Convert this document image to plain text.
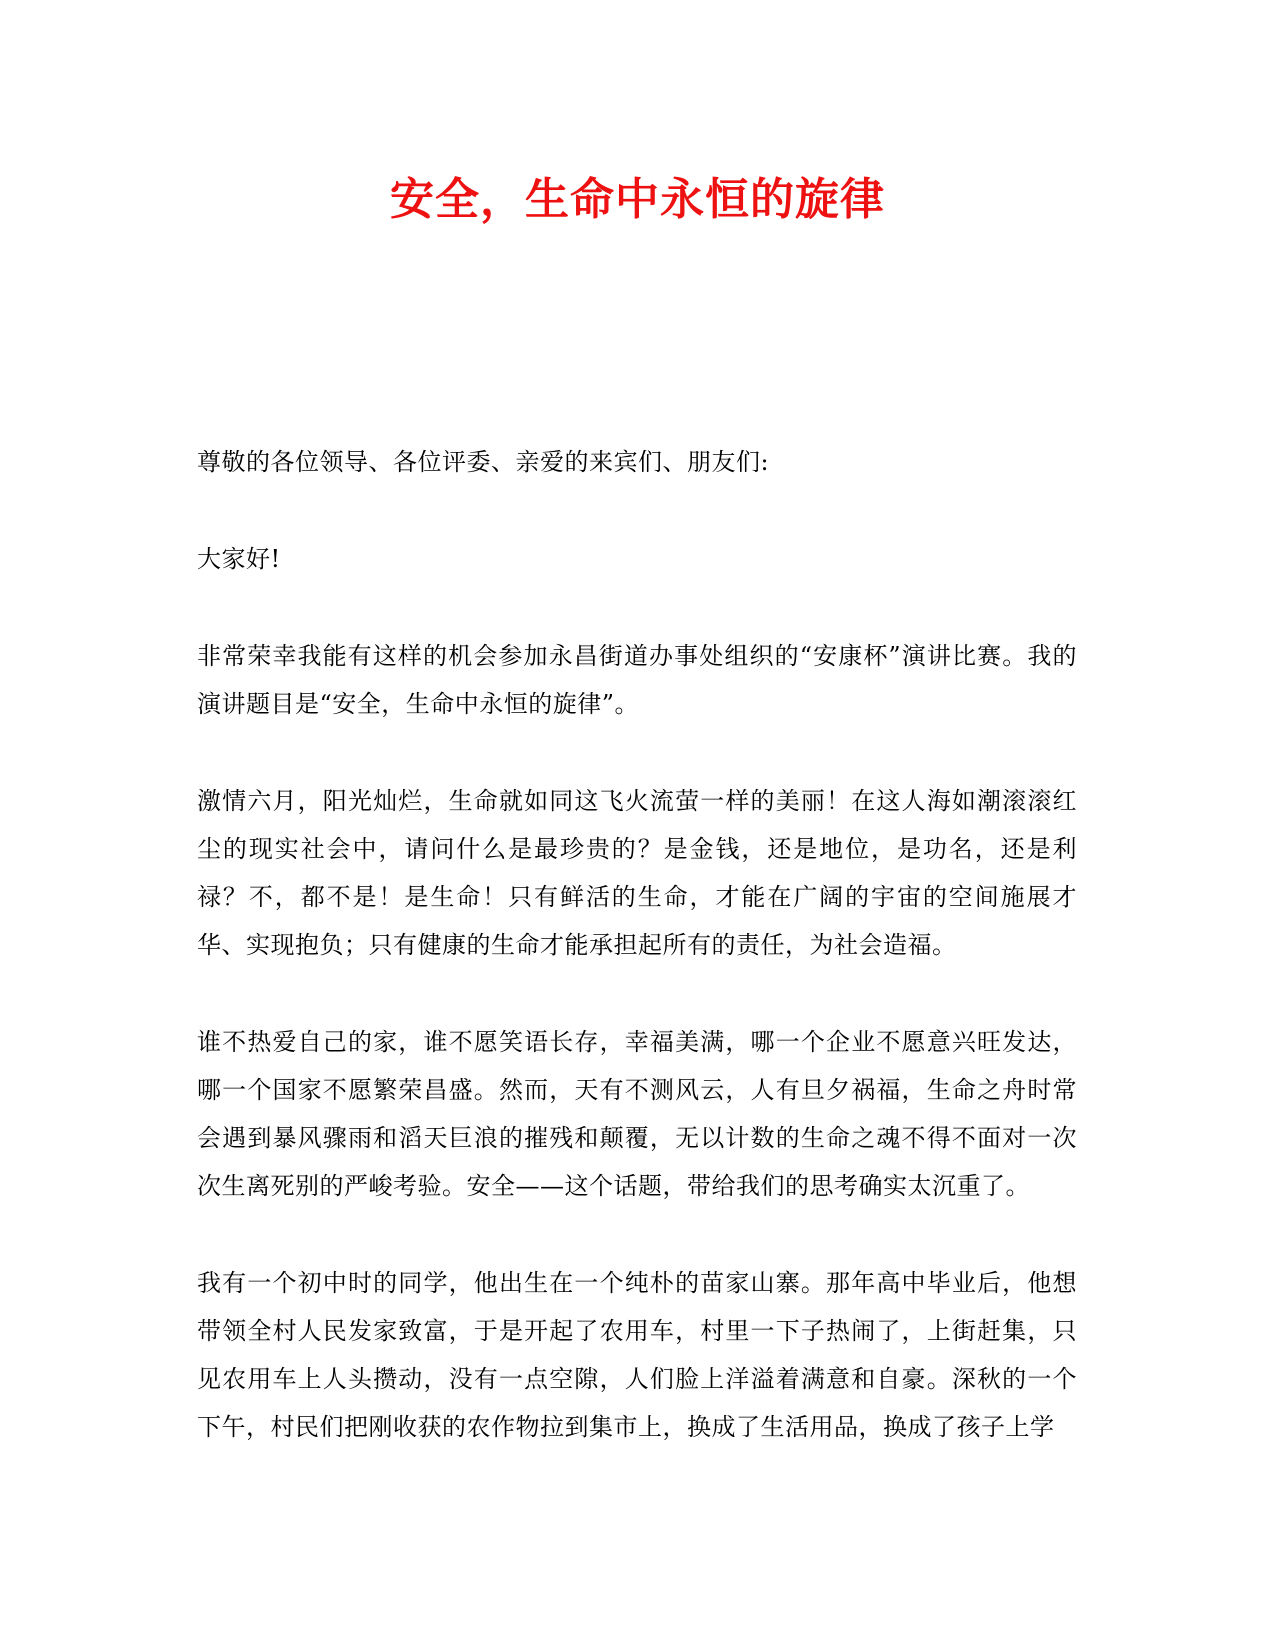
安全，生命中永恒的旋律

尊敬的各位领导、各位评委、亲爱的来宾们、朋友们:

大家好!

非常荣幸我能有这样的机会参加永昌街道办事处组织的“安康杯”演讲比赛。我的演讲题目是“安全，生命中永恒的旋律”。

激情六月，阳光灿烂，生命就如同这飞火流萤一样的美丽！在这人海如潮滚滚红尘的现实社会中，请问什么是最珍贵的？是金钱，还是地位，是功名，还是利禄？不，都不是！是生命！只有鲜活的生命，才能在广阔的宇宙的空间施展才华、实现抱负；只有健康的生命才能承担起所有的责任，为社会造福。

谁不热爱自己的家，谁不愿笑语长存，幸福美满，哪一个企业不愿意兴旺发达，哪一个国家不愿繁荣昌盛。然而，天有不测风云，人有旦夕祸福，生命之舟时常会遇到暴风骤雨和滔天巨浪的摧残和颠覆，无以计数的生命之魂不得不面对一次次生离死别的严峻考验。安全——这个话题，带给我们的思考确实太沉重了。

我有一个初中时的同学，他出生在一个纯朴的苗家山寨。那年高中毕业后，他想带领全村人民发家致富，于是开起了农用车，村里一下子热闹了，上街赶集，只见农用车上人头攒动，没有一点空隙，人们脸上洋溢着满意和自豪。深秋的一个下午，村民们把刚收获的农作物拉到集市上，换成了生活用品，换成了孩子上学
